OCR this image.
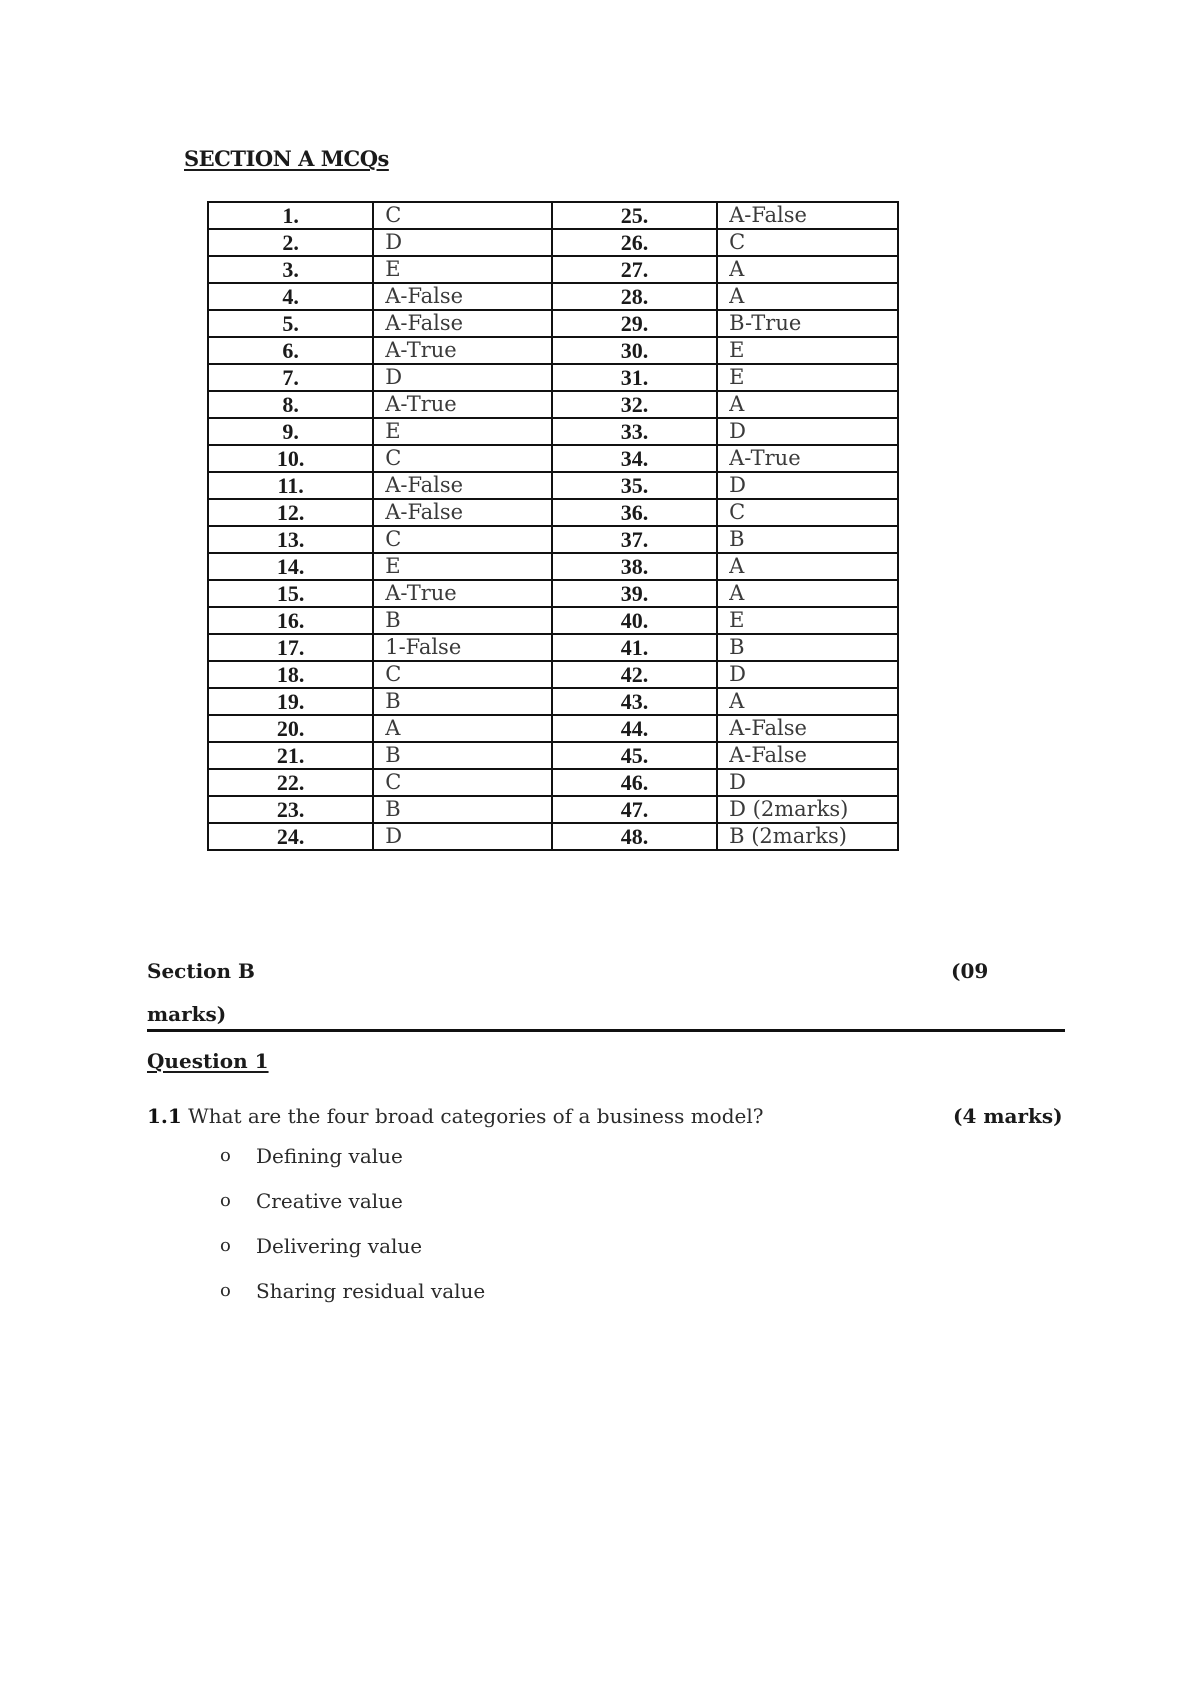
SECTION A MCQs
1.	C	25.	A-False
2.	D	26.	C
3.	E	27.	A
4.	A-False	28.	A
5.	A-False	29.	B-True
6.	A-True	30.	E
7.	D	31.	E
8.	A-True	32.	A
9.	E	33.	D
10.	C	34.	A-True
11.	A-False	35.	D
12.	A-False	36.	C
13.	C	37.	B
14.	E	38.	A
15.	A-True	39.	A
16.	B	40.	E
17.	1-False	41.	B
18.	C	42.	D
19.	B	43.	A
20.	A	44.	A-False
21.	B	45.	A-False
22.	C	46.	D
23.	B	47.	D (2marks)
24.	D	48.	B (2marks)
Section B	(09
marks)
Question 1
1.1 What are the four broad categories of a business model?	(4 marks)
o	Defining value
o	Creative value
o	Delivering value
o	Sharing residual value
